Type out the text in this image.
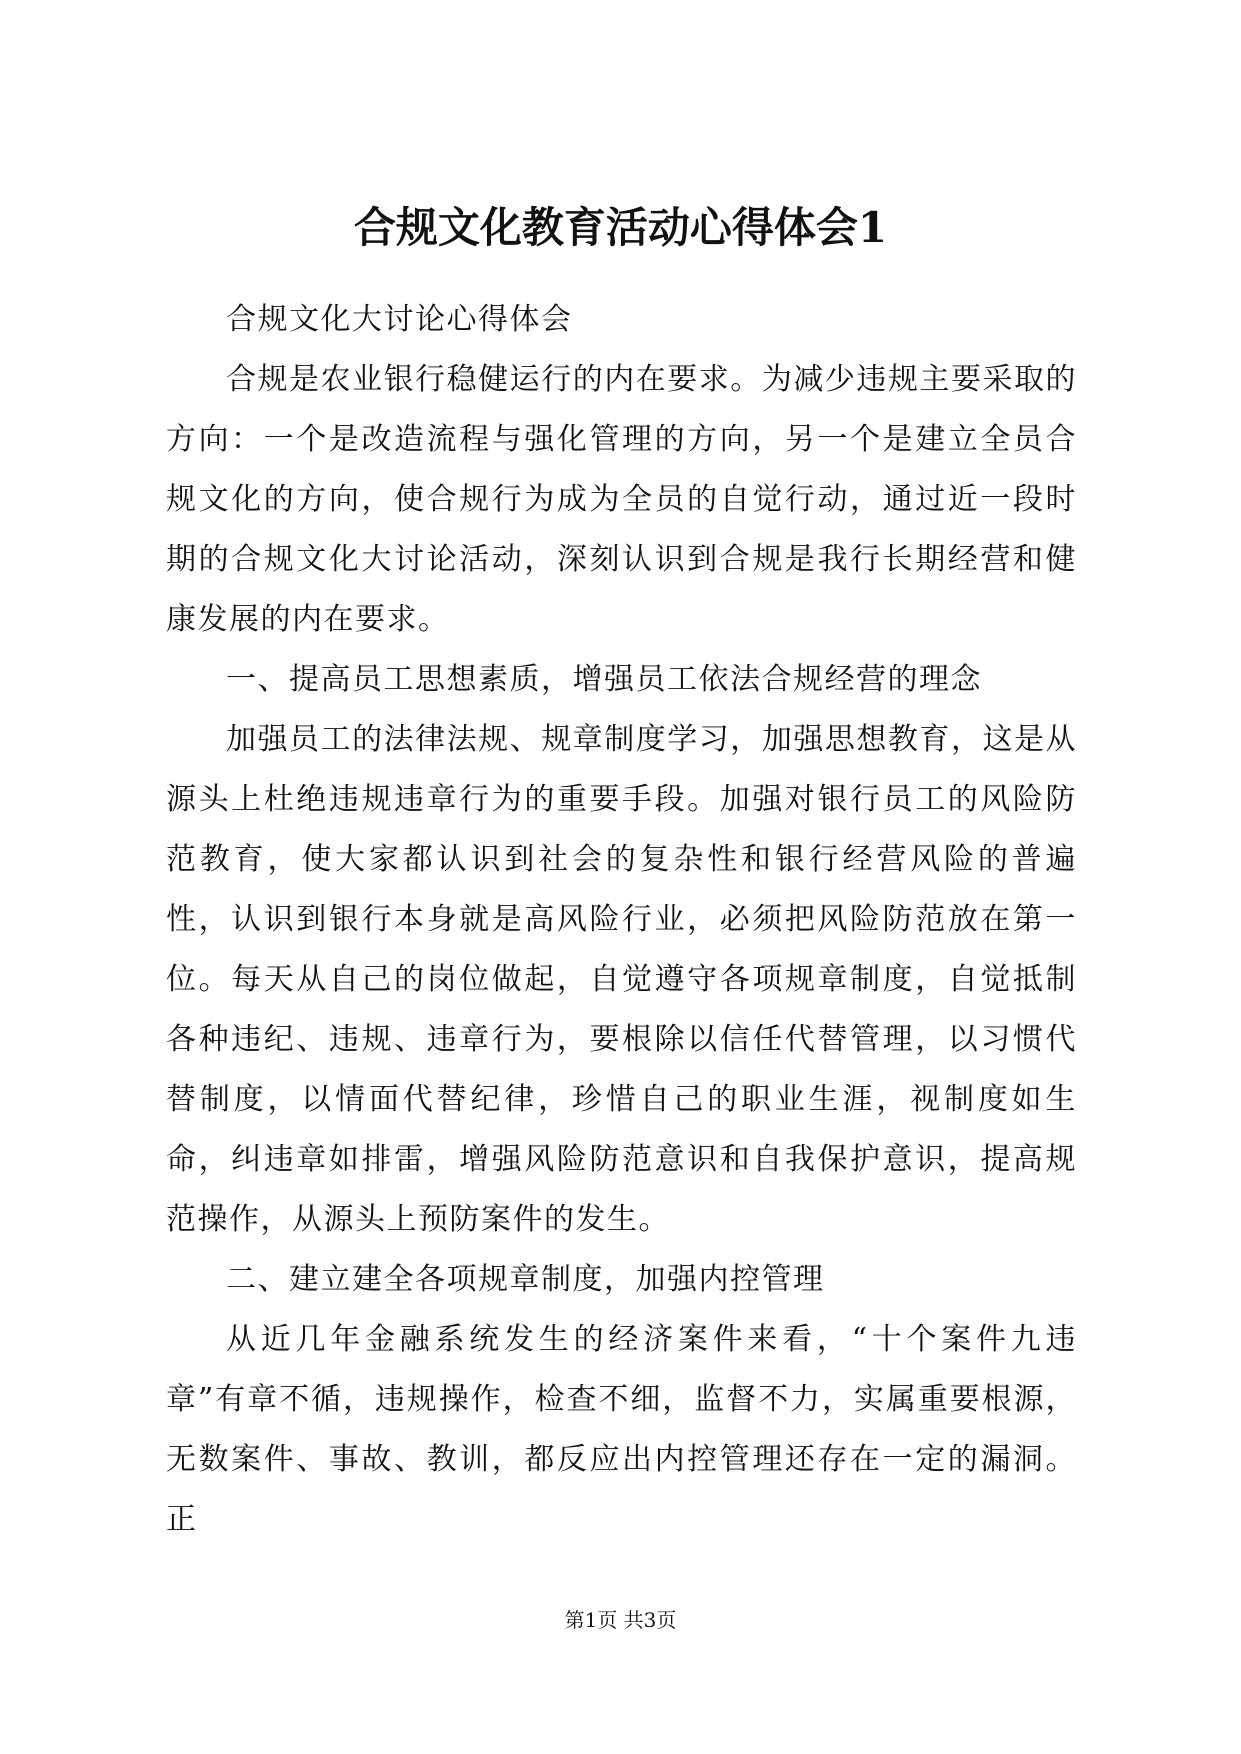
合规文化教育活动心得体会1

合规文化大讨论心得体会

合规是农业银行稳健运行的内在要求。为减少违规主要采取的方向：一个是改造流程与强化管理的方向，另一个是建立全员合规文化的方向，使合规行为成为全员的自觉行动，通过近一段时期的合规文化大讨论活动，深刻认识到合规是我行长期经营和健康发展的内在要求。

一、提高员工思想素质，增强员工依法合规经营的理念

加强员工的法律法规、规章制度学习，加强思想教育，这是从源头上杜绝违规违章行为的重要手段。加强对银行员工的风险防范教育，使大家都认识到社会的复杂性和银行经营风险的普遍性，认识到银行本身就是高风险行业，必须把风险防范放在第一位。每天从自己的岗位做起，自觉遵守各项规章制度，自觉抵制各种违纪、违规、违章行为，要根除以信任代替管理，以习惯代替制度，以情面代替纪律，珍惜自己的职业生涯，视制度如生命，纠违章如排雷，增强风险防范意识和自我保护意识，提高规范操作，从源头上预防案件的发生。

二、建立建全各项规章制度，加强内控管理

从近几年金融系统发生的经济案件来看，“十个案件九违章”有章不循，违规操作，检查不细，监督不力，实属重要根源，无数案件、事故、教训，都反应出内控管理还存在一定的漏洞。正

第1页 共3页
